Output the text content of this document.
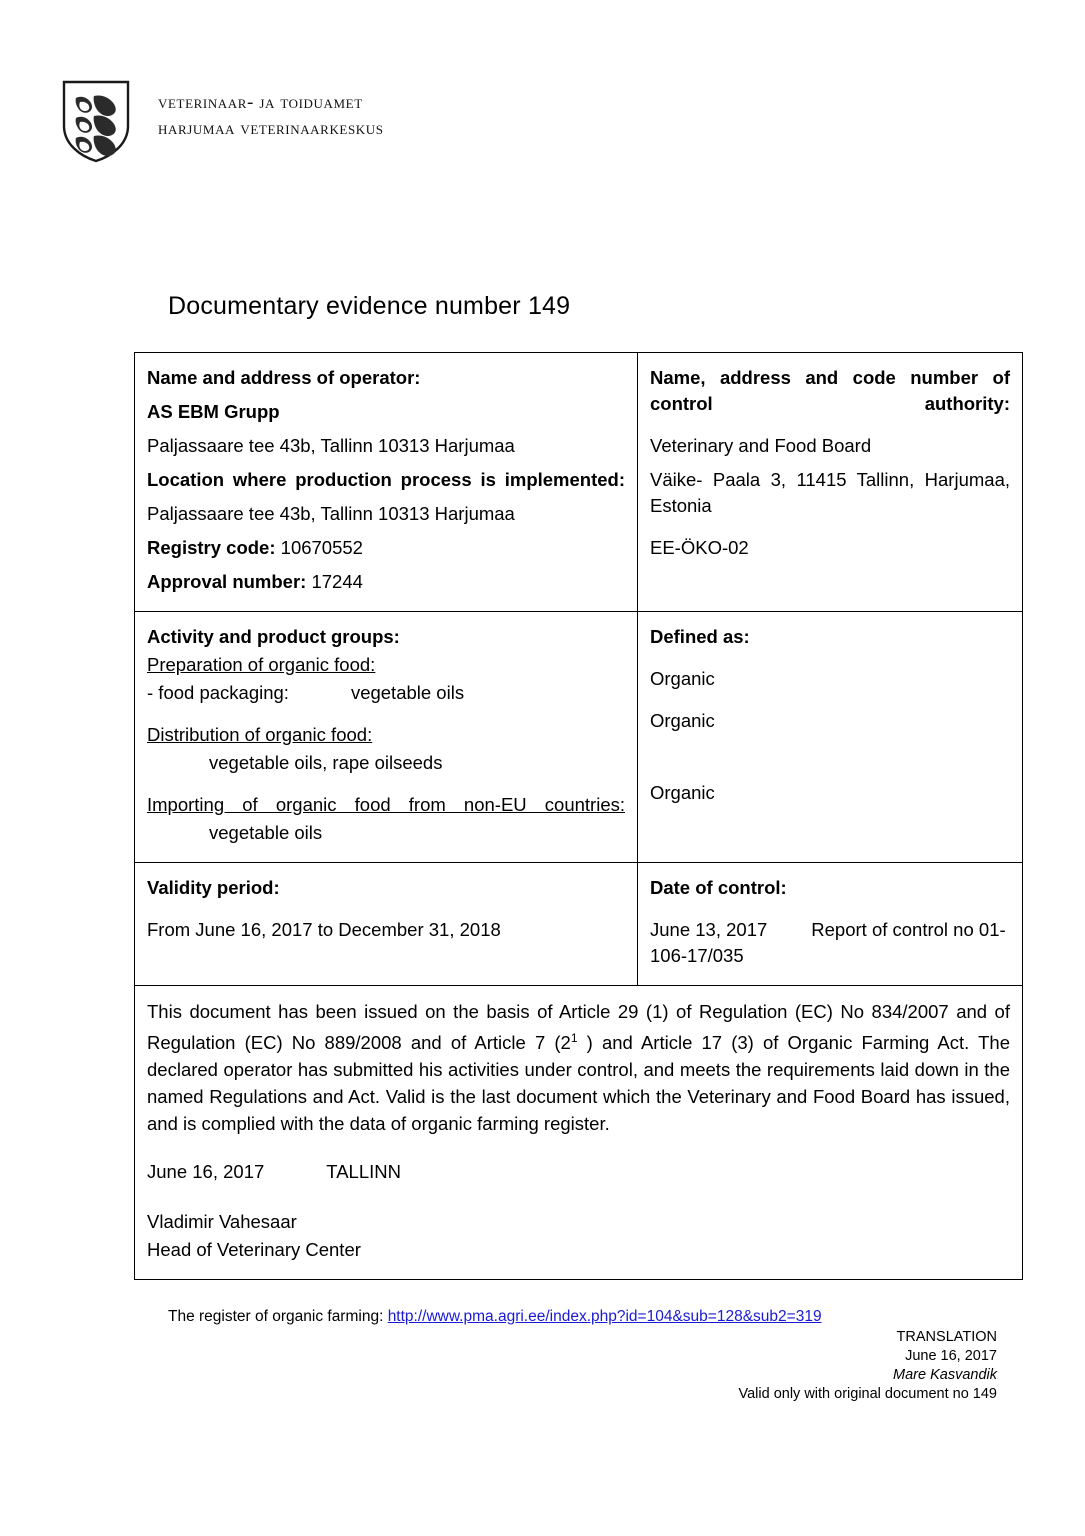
veterinaar- ja toiduamet
harjumaa veterinaarkeskus
Documentary evidence number 149
Name and address of operator:
AS EBM Grupp
Paljassaare tee 43b, Tallinn 10313 Harjumaa
Location where production process is implemented:
Paljassaare tee 43b, Tallinn 10313 Harjumaa
Registry code: 10670552
Approval number: 17244

Name, address and code number of control authority:
Veterinary and Food Board
Väike- Paala 3, 11415 Tallinn, Harjumaa, Estonia
EE-ÖKO-02

Activity and product groups:
Preparation of organic food:
- food packaging:	vegetable oils
Distribution of organic food:
vegetable oils, rape oilseeds
Importing of organic food from non-EU countries:
vegetable oils

Defined as:
Organic
Organic
Organic

Validity period:
From June 16, 2017 to December 31, 2018

Date of control:
June 13, 2017 Report of control no 01-106-17/035

This document has been issued on the basis of Article 29 (1) of Regulation (EC) No 834/2007 and of Regulation (EC) No 889/2008 and of Article 7 ($2^1$ ) and Article 17 (3) of Organic Farming Act. The declared operator has submitted his activities under control, and meets the requirements laid down in the named Regulations and Act. Valid is the last document which the Veterinary and Food Board has issued, and is complied with the data of organic farming register.
June 16, 2017 TALLINN
Vladimir Vahesaar
Head of Veterinary Center	
The register of organic farming: http://www.pma.agri.ee/index.php?id=104&sub=128&sub2=319
TRANSLATION
June 16, 2017
Mare Kasvandik
Valid only with original document no 149
